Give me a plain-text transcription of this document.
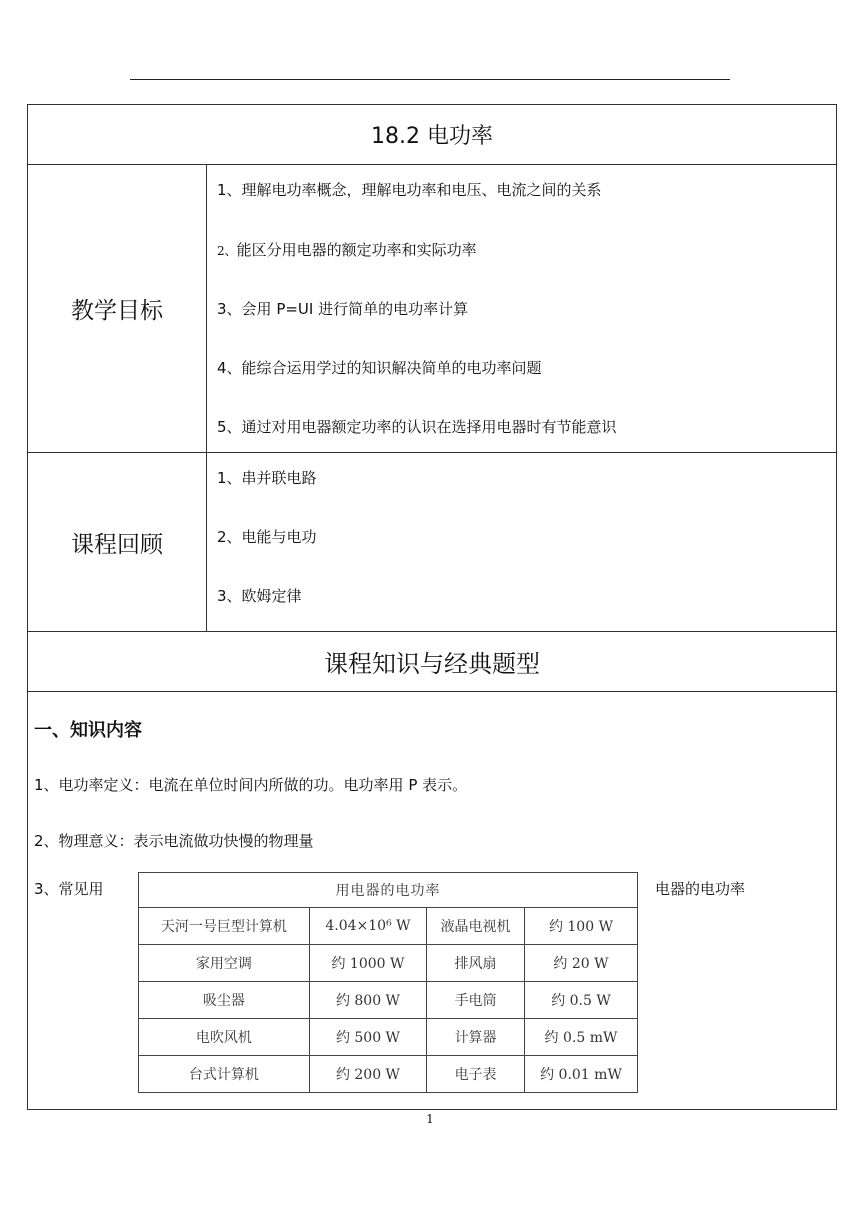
18.2 电功率
教学目标
1、理解电功率概念，理解电功率和电压、电流之间的关系
2、能区分用电器的额定功率和实际功率
3、会用 P=UI 进行简单的电功率计算
4、能综合运用学过的知识解决简单的电功率问题
5、通过对用电器额定功率的认识在选择用电器时有节能意识
课程回顾
1、串并联电路
2、电能与电功
3、欧姆定律
课程知识与经典题型
一、知识内容
1、电功率定义：电流在单位时间内所做的功。电功率用 P 表示。
2、物理意义：表示电流做功快慢的物理量
3、常见用	电器的电功率
用电器的电功率			
天河一号巨型计算机	4.04×10⁶ W	液晶电视机	约 100 W
家用空调	约 1000 W	排风扇	约 20 W
吸尘器	约 800 W	手电筒	约 0.5 W
电吹风机	约 500 W	计算器	约 0.5 mW
台式计算机	约 200 W	电子表	约 0.01 mW
1
